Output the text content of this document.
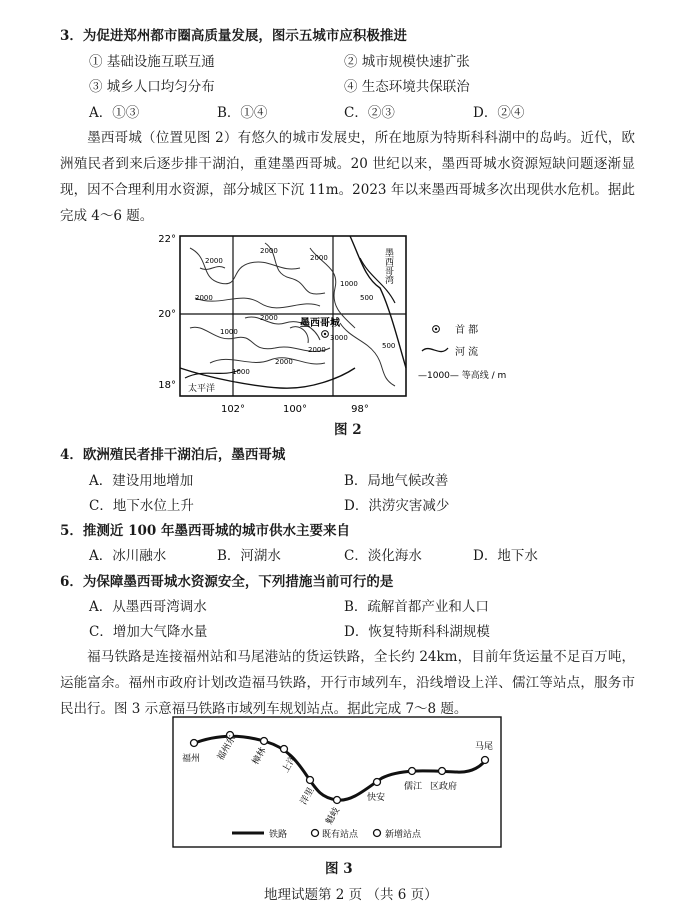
3．为促进郑州都市圈高质量发展，图示五城市应积极推进
① 基础设施互联互通	② 城市规模快速扩张
③ 城乡人口均匀分布	④ 生态环境共保联治
A．①③	B．①④	C．②③	D．②④
墨西哥城（位置见图 2）有悠久的城市发展史，所在地原为特斯科科湖中的岛屿。近代，欧洲殖民者到来后逐步排干湖泊，重建墨西哥城。20 世纪以来，墨西哥城水资源短缺问题逐渐显现，因不合理利用水资源，部分城区下沉 11m。2023 年以来墨西哥城多次出现供水危机。据此完成 4～6 题。
22°
20°
18°
102°	100°	98°
2000
2000
2000
1000
500
2000
3000
2000
1000
2000
1000
500
2000
墨西哥湾
太平洋
墨西哥城
首 都
河 流
—1000— 等高线 / m
图 2
4．欧洲殖民者排干湖泊后，墨西哥城
A．建设用地增加	B．局地气候改善
C．地下水位上升	D．洪涝灾害减少
5．推测近 100 年墨西哥城的城市供水主要来自
A．冰川融水	B．河湖水	C．淡化海水	D．地下水
6．为保障墨西哥城水资源安全，下列措施当前可行的是
A．从墨西哥湾调水	B．疏解首都产业和人口
C．增加大气降水量	D．恢复特斯科科湖规模
福马铁路是连接福州站和马尾港站的货运铁路，全长约 24km，目前年货运量不足百万吨，运能富余。福州市政府计划改造福马铁路，开行市域列车，沿线增设上洋、儒江等站点，服务市民出行。图 3 示意福马铁路市域列车规划站点。据此完成 7～8 题。
福州 福州东 樟林 上洋
洋里
魁岐
快安
儒江 区政府
马尾
铁路	既有站点	新增站点
图 3
地理试题第 2 页 （共 6 页）
